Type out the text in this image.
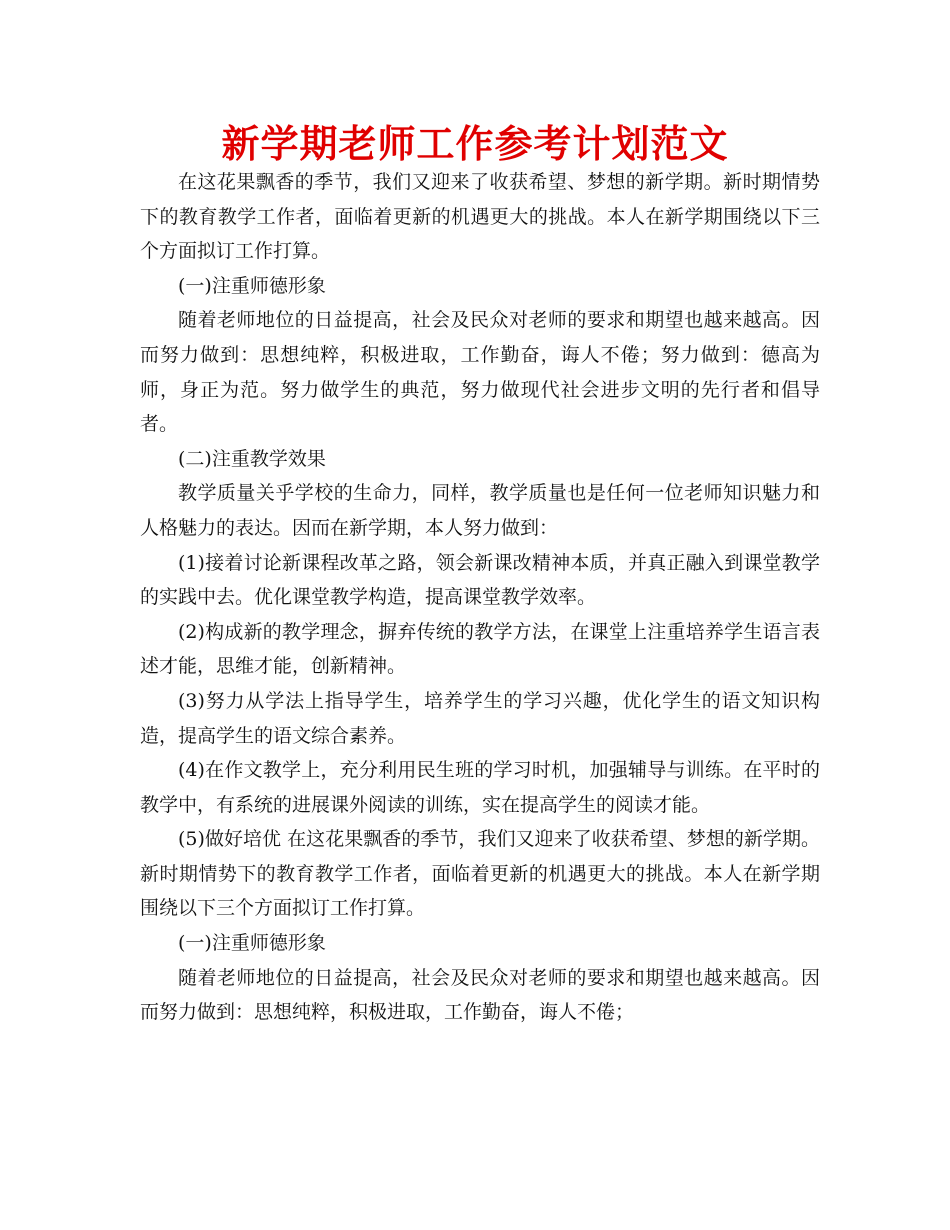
新学期老师工作参考计划范文

在这花果飘香的季节，我们又迎来了收获希望、梦想的新学期。新时期情势下的教育教学工作者，面临着更新的机遇更大的挑战。本人在新学期围绕以下三个方面拟订工作打算。

(一)注重师德形象

随着老师地位的日益提高，社会及民众对老师的要求和期望也越来越高。因而努力做到：思想纯粹，积极进取，工作勤奋，诲人不倦；努力做到：德高为师，身正为范。努力做学生的典范，努力做现代社会进步文明的先行者和倡导者。

(二)注重教学效果

教学质量关乎学校的生命力，同样，教学质量也是任何一位老师知识魅力和人格魅力的表达。因而在新学期，本人努力做到：

(1)接着讨论新课程改革之路，领会新课改精神本质，并真正融入到课堂教学的实践中去。优化课堂教学构造，提高课堂教学效率。

(2)构成新的教学理念，摒弃传统的教学方法，在课堂上注重培养学生语言表述才能，思维才能，创新精神。

(3)努力从学法上指导学生，培养学生的学习兴趣，优化学生的语文知识构造，提高学生的语文综合素养。

(4)在作文教学上，充分利用民生班的学习时机，加强辅导与训练。在平时的教学中，有系统的进展课外阅读的训练，实在提高学生的阅读才能。

(5)做好培优 在这花果飘香的季节，我们又迎来了收获希望、梦想的新学期。新时期情势下的教育教学工作者，面临着更新的机遇更大的挑战。本人在新学期围绕以下三个方面拟订工作打算。

(一)注重师德形象

随着老师地位的日益提高，社会及民众对老师的要求和期望也越来越高。因而努力做到：思想纯粹，积极进取，工作勤奋，诲人不倦；
